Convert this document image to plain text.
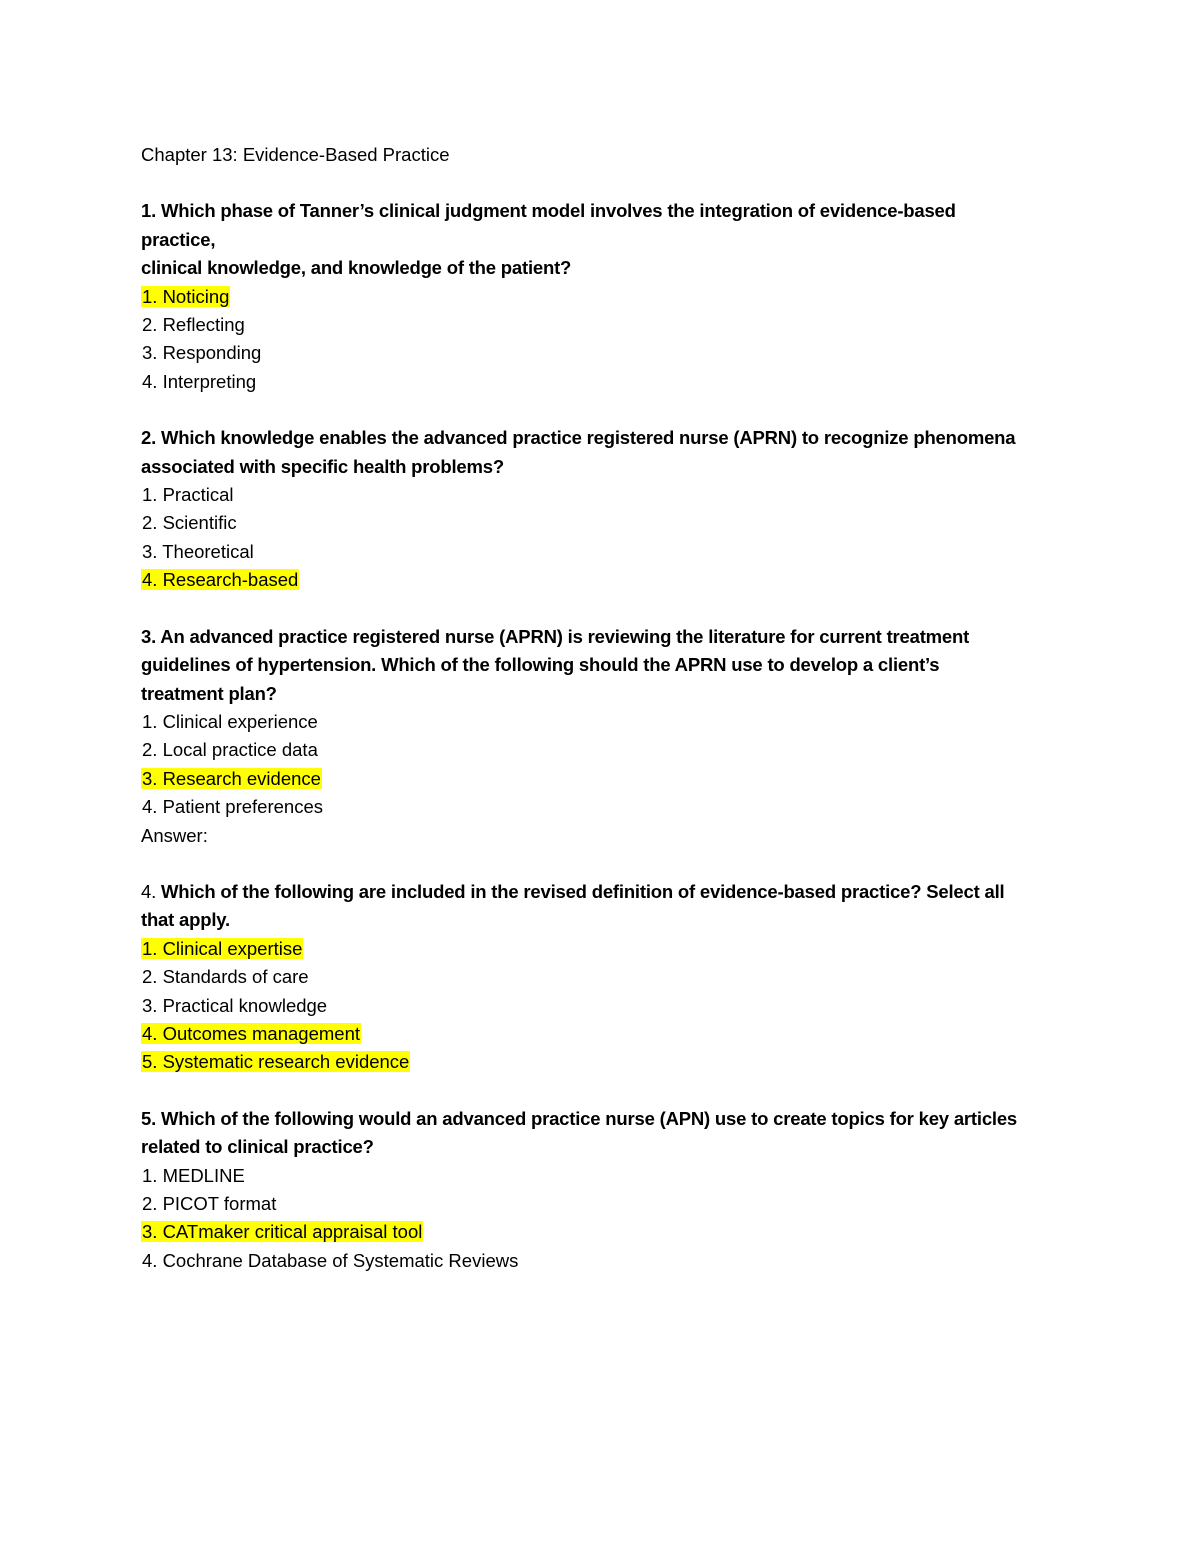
Chapter 13: Evidence-Based Practice
1. Which phase of Tanner’s clinical judgment model involves the integration of evidence-based
practice,
clinical knowledge, and knowledge of the patient?
1. Noticing
2. Reflecting
3. Responding
4. Interpreting
2. Which knowledge enables the advanced practice registered nurse (APRN) to recognize phenomena
associated with specific health problems?
1. Practical
2. Scientific
3. Theoretical
4. Research-based
3. An advanced practice registered nurse (APRN) is reviewing the literature for current treatment
guidelines of hypertension. Which of the following should the APRN use to develop a client’s
treatment plan?
1. Clinical experience
2. Local practice data
3. Research evidence
4. Patient preferences
Answer:
4. Which of the following are included in the revised definition of evidence-based practice? Select all
that apply.
1. Clinical expertise
2. Standards of care
3. Practical knowledge
4. Outcomes management
5. Systematic research evidence
5. Which of the following would an advanced practice nurse (APN) use to create topics for key articles
related to clinical practice?
1. MEDLINE
2. PICOT format
3. CATmaker critical appraisal tool
4. Cochrane Database of Systematic Reviews
